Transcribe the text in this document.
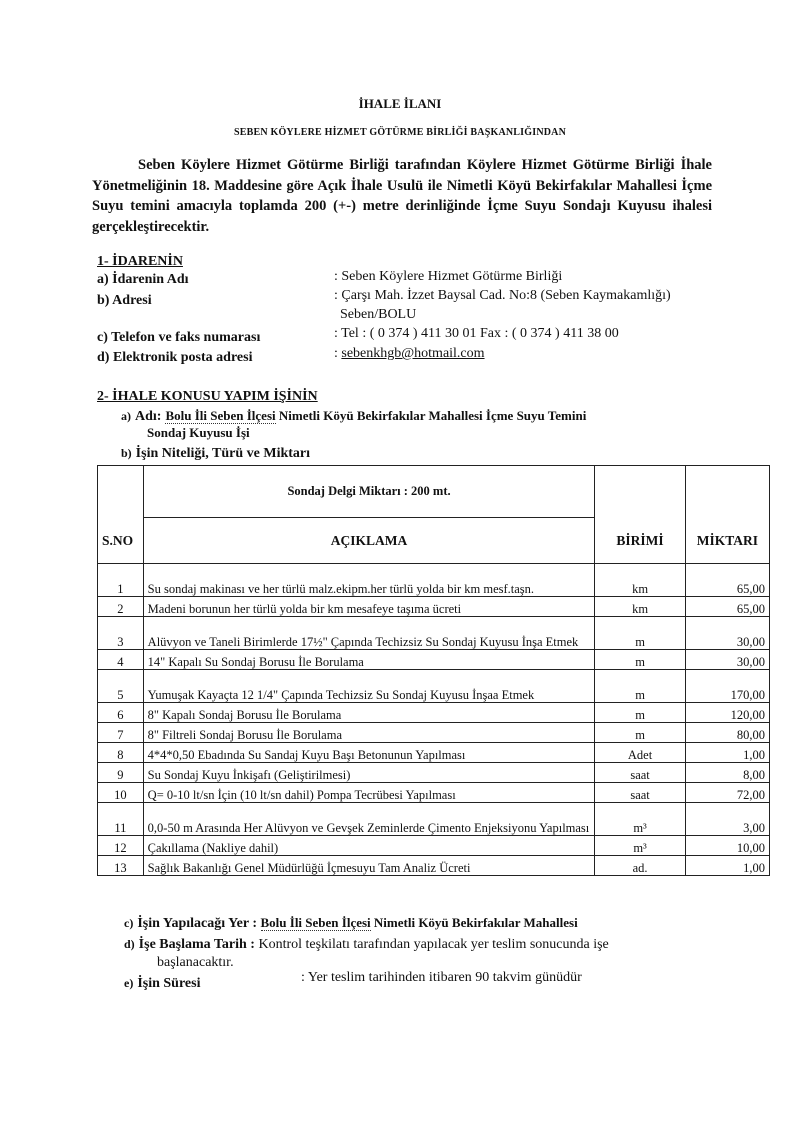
İHALE İLANI
SEBEN KÖYLERE HİZMET GÖTÜRME BİRLİĞİ BAŞKANLIĞINDAN
Seben Köylere Hizmet Götürme Birliği tarafından Köylere Hizmet Götürme Birliği İhale Yönetmeliğinin 18. Maddesine göre Açık İhale Usulü ile Nimetli Köyü Bekirfakılar Mahallesi İçme Suyu temini amacıyla toplamda 200 (+-) metre derinliğinde İçme Suyu Sondajı Kuyusu ihalesi gerçekleştirecektir.
1- İDARENİN
a) İdarenin Adı	: Seben Köylere Hizmet Götürme Birliği
b) Adresi	: Çarşı Mah. İzzet Baysal Cad. No:8 (Seben Kaymakamlığı)
Seben/BOLU
c) Telefon ve faks numarası	: Tel : ( 0 374 ) 411 30 01 Fax : ( 0 374 ) 411 38 00
d) Elektronik posta adresi	: sebenkhgb@hotmail.com
2- İHALE KONUSU YAPIM İŞİNİN
a) Adı: Bolu İli Seben İlçesi Nimetli Köyü Bekirfakılar Mahallesi İçme Suyu Temini
Sondaj Kuyusu İşi
b) İşin Niteliği, Türü ve Miktarı
	Sondaj Delgi Miktarı : 200 mt.		
S.NO	AÇIKLAMA	BİRİMİ	MİKTARI
1	Su sondaj makinası ve her türlü malz.ekipm.her türlü yolda bir km mesf.taşn.	km	65,00
2	Madeni borunun her türlü yolda bir km mesafeye taşıma ücreti	km	65,00
3	Alüvyon ve Taneli Birimlerde 17½" Çapında Techizsiz Su Sondaj Kuyusu İnşa Etmek	m	30,00
4	14" Kapalı Su Sondaj Borusu İle Borulama	m	30,00
5	Yumuşak Kayaçta 12 1/4" Çapında Techizsiz Su Sondaj Kuyusu İnşaa Etmek	m	170,00
6	8" Kapalı Sondaj Borusu İle Borulama	m	120,00
7	8" Filtreli Sondaj Borusu İle Borulama	m	80,00
8	4*4*0,50 Ebadında Su Sandaj Kuyu Başı Betonunun Yapılması	Adet	1,00
9	Su Sondaj Kuyu İnkişafı (Geliştirilmesi)	saat	8,00
10	Q= 0-10 lt/sn İçin (10 lt/sn dahil) Pompa Tecrübesi Yapılması	saat	72,00
11	0,0-50 m Arasında Her Alüvyon ve Gevşek Zeminlerde Çimento Enjeksiyonu Yapılması	m³	3,00
12	Çakıllama (Nakliye dahil)	m³	10,00
13	Sağlık Bakanlığı Genel Müdürlüğü İçmesuyu Tam Analiz Ücreti	ad.	1,00
c) İşin Yapılacağı Yer : Bolu İli Seben İlçesi Nimetli Köyü Bekirfakılar Mahallesi
d) İşe Başlama Tarih : Kontrol teşkilatı tarafından yapılacak yer teslim sonucunda işe
başlanacaktır.
e) İşin Süresi	: Yer teslim tarihinden itibaren 90 takvim günüdür
